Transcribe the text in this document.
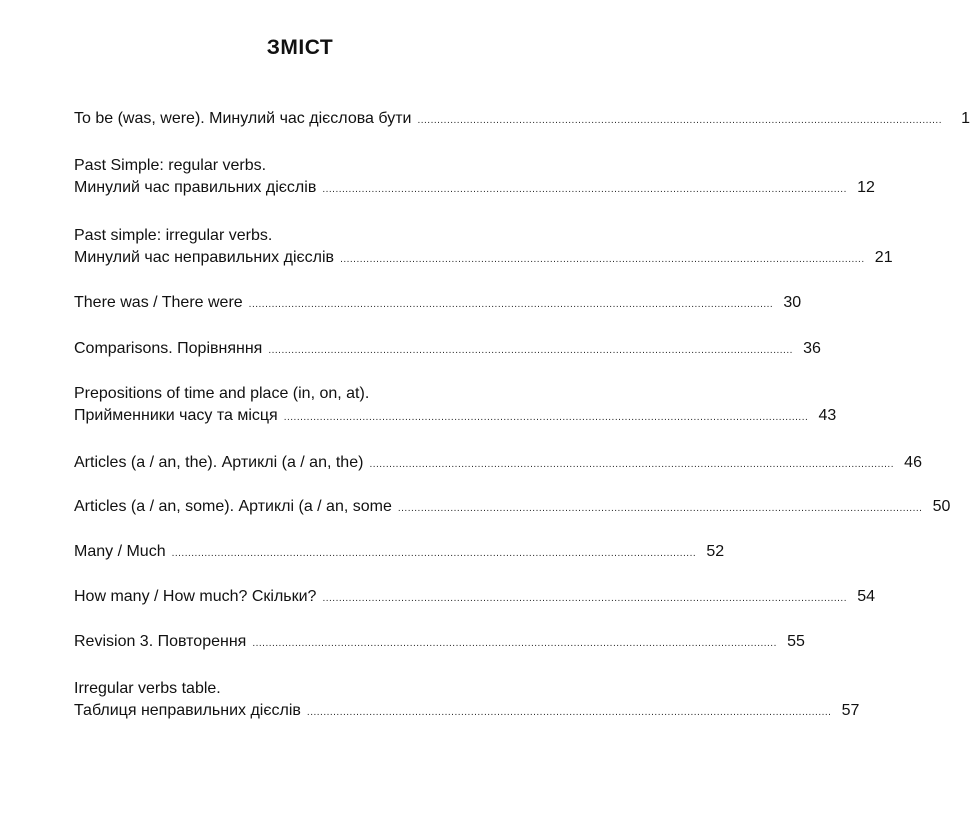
ЗМІСТ
To be (was, were). Минулий час дієслова бути ................................................................................................................................................................	1
Past Simple: regular verbs.
Минулий час правильних дієслів ................................................................................................................................................................ 12
Past simple: irregular verbs.
Минулий час неправильних дієслів ................................................................................................................................................................ 21
There was / There were ................................................................................................................................................................ 30
Comparisons. Порівняння ................................................................................................................................................................ 36
Prepositions of time and place (in, on, at).
Прийменники часу та місця ................................................................................................................................................................ 43
Articles (a / an, the). Артиклі (a / an, the) ................................................................................................................................................................ 46
Articles (a / an, some). Артиклі (a / an, some ................................................................................................................................................................ 50
Many / Much ................................................................................................................................................................ 52
How many / How much? Скільки? ................................................................................................................................................................ 54
Revision 3. Повторення ................................................................................................................................................................ 55
Irregular verbs table.
Таблиця неправильних дієслів ................................................................................................................................................................ 57
